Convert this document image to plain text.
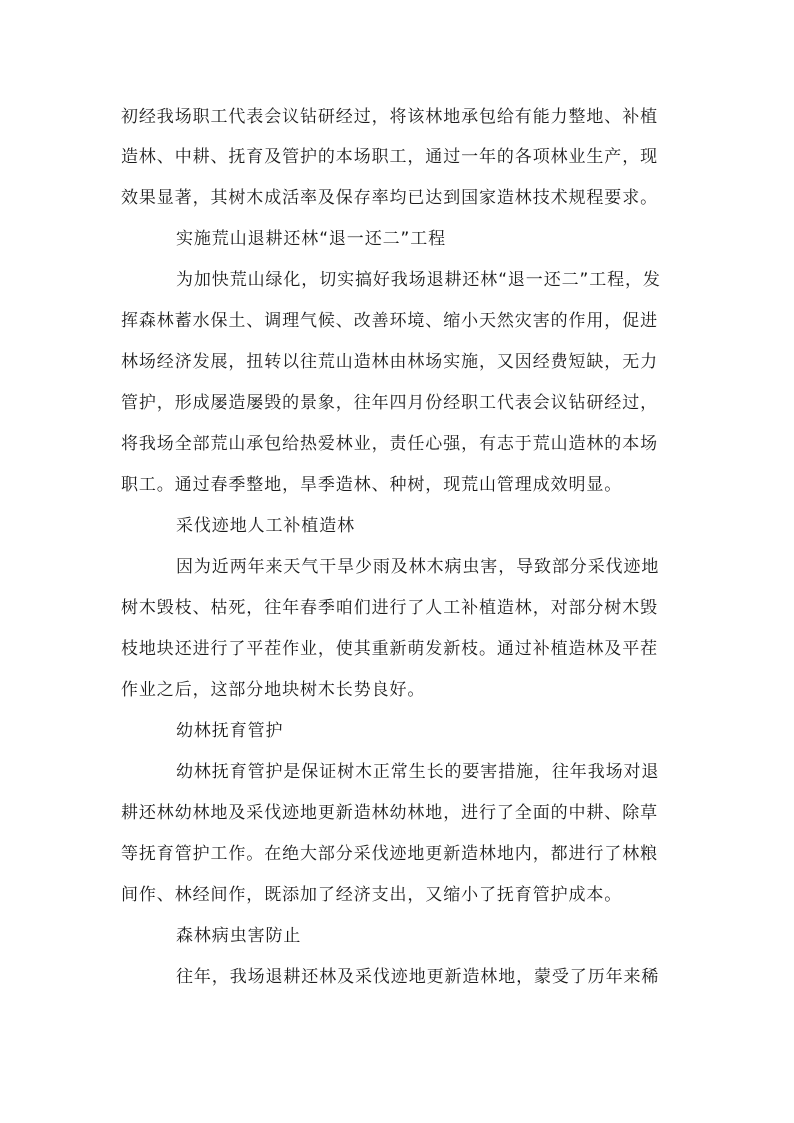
初经我场职工代表会议钻研经过，将该林地承包给有能力整地、补植
造林、中耕、抚育及管护的本场职工，通过一年的各项林业生产，现
效果显著，其树木成活率及保存率均已达到国家造林技术规程要求。
实施荒山退耕还林“退一还二”工程
为加快荒山绿化，切实搞好我场退耕还林“退一还二”工程，发
挥森林蓄水保土、调理气候、改善环境、缩小天然灾害的作用，促进
林场经济发展，扭转以往荒山造林由林场实施，又因经费短缺，无力
管护，形成屡造屡毁的景象，往年四月份经职工代表会议钻研经过，
将我场全部荒山承包给热爱林业，责任心强，有志于荒山造林的本场
职工。通过春季整地，旱季造林、种树，现荒山管理成效明显。
采伐迹地人工补植造林
因为近两年来天气干旱少雨及林木病虫害，导致部分采伐迹地
树木毁枝、枯死，往年春季咱们进行了人工补植造林，对部分树木毁
枝地块还进行了平茬作业，使其重新萌发新枝。通过补植造林及平茬
作业之后，这部分地块树木长势良好。
幼林抚育管护
幼林抚育管护是保证树木正常生长的要害措施，往年我场对退
耕还林幼林地及采伐迹地更新造林幼林地，进行了全面的中耕、除草
等抚育管护工作。在绝大部分采伐迹地更新造林地内，都进行了林粮
间作、林经间作，既添加了经济支出，又缩小了抚育管护成本。
森林病虫害防止
往年，我场退耕还林及采伐迹地更新造林地，蒙受了历年来稀
